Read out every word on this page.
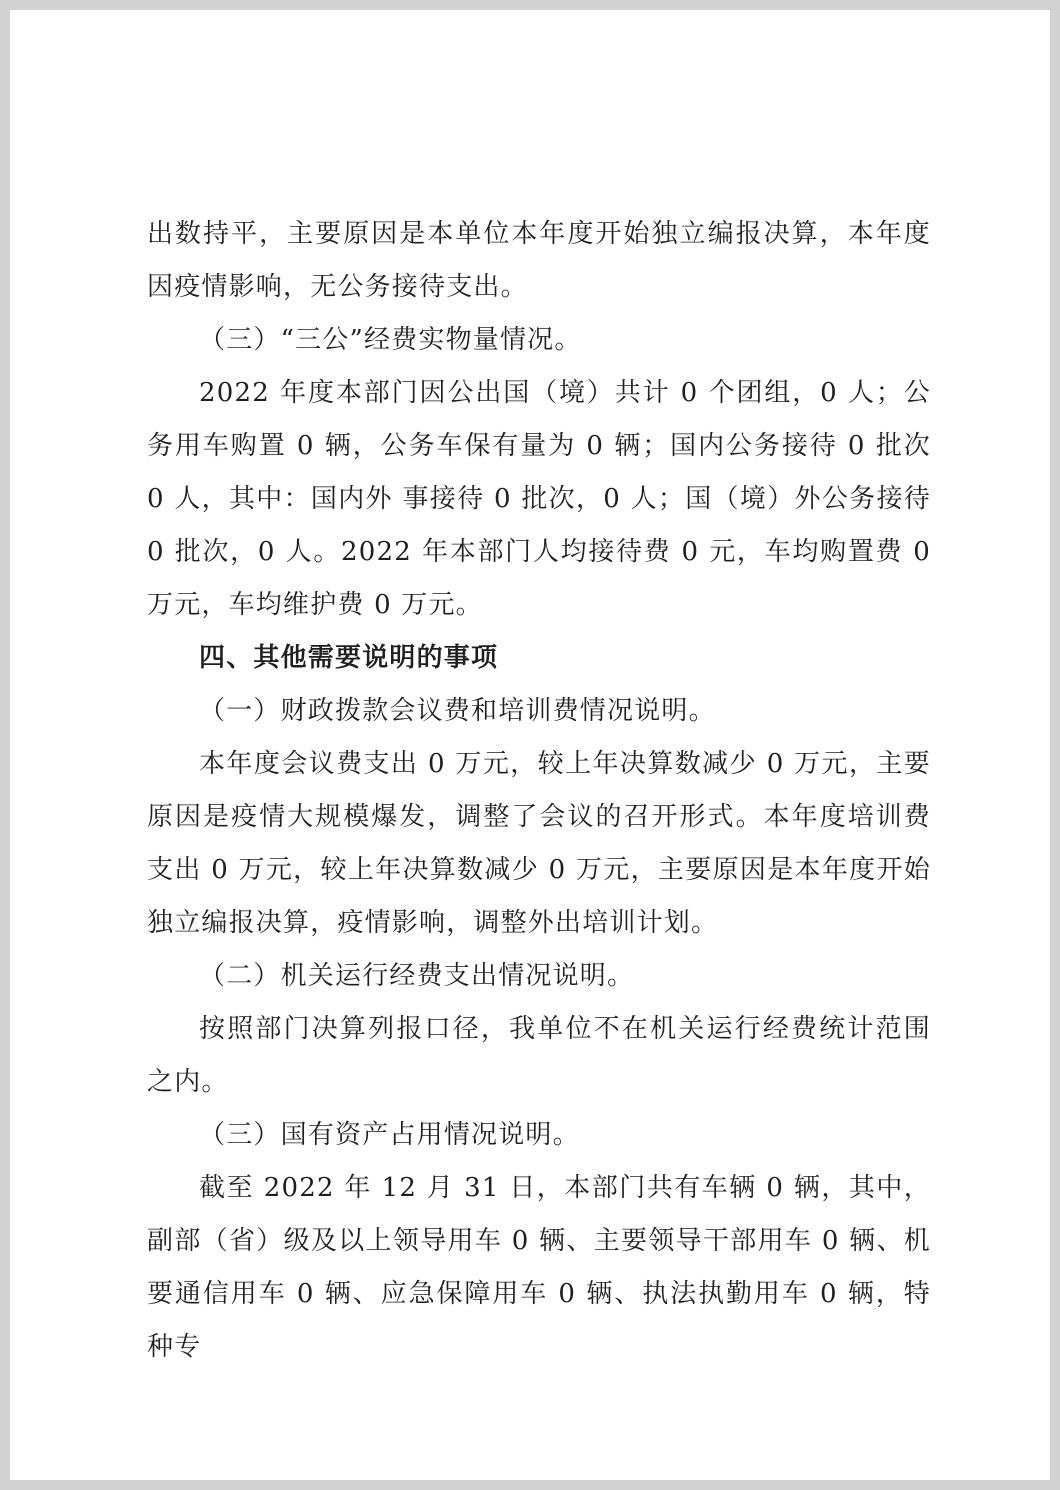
出数持平，主要原因是本单位本年度开始独立编报决算，本年度因疫情影响，无公务接待支出。

（三）“三公”经费实物量情况。

2022 年度本部门因公出国（境）共计 0 个团组，0 人；公务用车购置 0 辆，公务车保有量为 0 辆；国内公务接待 0 批次 0 人，其中：国内外 事接待 0 批次，0 人；国（境）外公务接待 0 批次，0 人。2022 年本部门人均接待费 0 元，车均购置费 0 万元，车均维护费 0 万元。

四、其他需要说明的事项

（一）财政拨款会议费和培训费情况说明。

本年度会议费支出 0 万元，较上年决算数减少 0 万元，主要原因是疫情大规模爆发，调整了会议的召开形式。本年度培训费支出 0 万元，较上年决算数减少 0 万元，主要原因是本年度开始独立编报决算，疫情影响，调整外出培训计划。

（二）机关运行经费支出情况说明。

按照部门决算列报口径，我单位不在机关运行经费统计范围之内。

（三）国有资产占用情况说明。

截至 2022 年 12 月 31 日，本部门共有车辆 0 辆，其中，副部（省）级及以上领导用车 0 辆、主要领导干部用车 0 辆、机要通信用车 0 辆、应急保障用车 0 辆、执法执勤用车 0 辆，特种专
